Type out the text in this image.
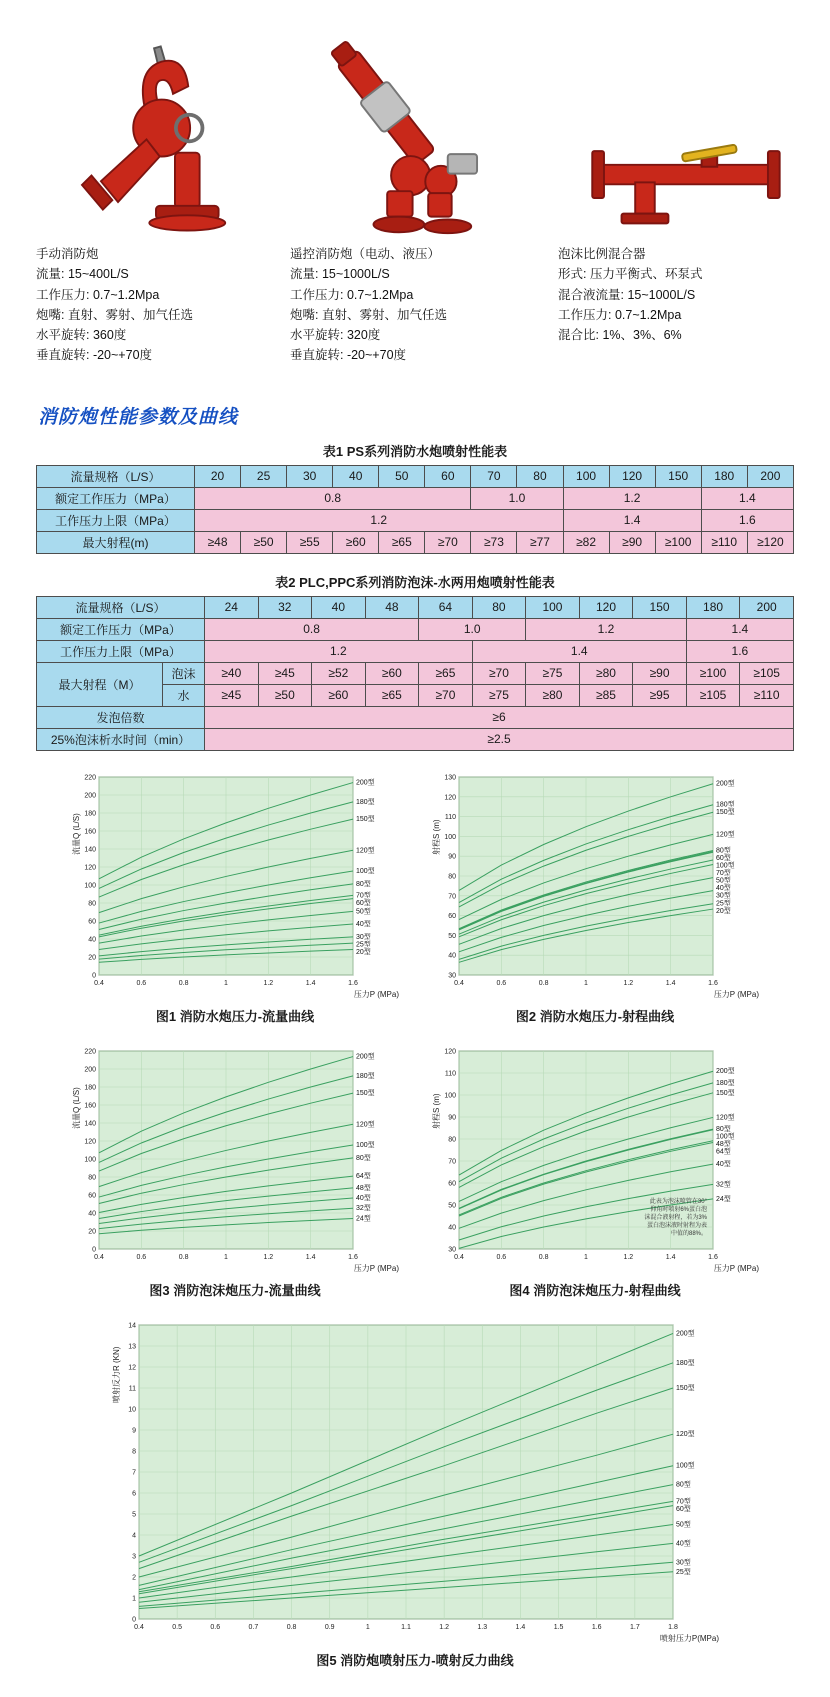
手动消防炮
流量: 15~400L/S
工作压力: 0.7~1.2Mpa
炮嘴: 直射、雾射、加气任选
水平旋转: 360度
垂直旋转: -20~+70度
遥控消防炮（电动、液压）
流量: 15~1000L/S
工作压力: 0.7~1.2Mpa
炮嘴: 直射、雾射、加气任选
水平旋转: 320度
垂直旋转: -20~+70度
泡沫比例混合器
形式: 压力平衡式、环泵式
混合液流量: 15~1000L/S
工作压力: 0.7~1.2Mpa
混合比: 1%、3%、6%
消防炮性能参数及曲线
表1 PS系列消防水炮喷射性能表
流量规格（L/S）	20	25	30	40	50	60	70	80	100	120	150	180	200
额定工作压力（MPa）	0.8						1.0		1.2			1.4	
工作压力上限（MPa）	1.2								1.4			1.6	
最大射程(m)	≥48	≥50	≥55	≥60	≥65	≥70	≥73	≥77	≥82	≥90	≥100	≥110	≥120
表2 PLC,PPC系列消防泡沫-水两用炮喷射性能表
流量规格（L/S）		24	32	40	48	64	80	100	120	150	180	200
额定工作压力（MPa）		0.8				1.0		1.2			1.4	
工作压力上限（MPa）		1.2					1.4				1.6	
最大射程（M）	泡沫	≥40	≥45	≥52	≥60	≥65	≥70	≥75	≥80	≥90	≥100	≥105
	水	≥45	≥50	≥60	≥65	≥70	≥75	≥80	≥85	≥95	≥105	≥110
发泡倍数		≥6										
25%泡沫析水时间（min）		≥2.5										
0.4	0.6	0.8	1	1.2	1.4	1.6
0
20
40
60
80
100
120
140
160
180
200
220
200型
180型
150型
120型
100型
80型
70型
60型
50型
40型
30型
25型
20型
压力P (MPa)
流量Q (L/S)
图1 消防水炮压力-流量曲线
0.4	0.6	0.8	1	1.2	1.4	1.6
30
40
50
60
70
80
90
100
110
120
130
200型
180型
150型
120型
80型
60型
100型
70型
50型
40型
30型
25型
20型
压力P (MPa)
射程S (m)
图2 消防水炮压力-射程曲线
0.4	0.6	0.8	1	1.2	1.4	1.6
0
20
40
60
80
100
120
140
160
180
200
220
200型
180型
150型
120型
100型
80型
64型
48型
40型
32型
24型
压力P (MPa)
流量Q (L/S)
图3 消防泡沫炮压力-流量曲线
0.4	0.6	0.8	1	1.2	1.4	1.6
30
40
50
60
70
80
90
100
110
120
200型
180型
150型
120型
80型
100型
48型
64型
40型
32型
24型
压力P (MPa)
射程S (m)
此表为泡沫喷管在30°
仰角时喷射6%蛋白泡
沫混合液射程，若为3%
蛋白泡沫液时射程为表
中值的88%。
图4 消防泡沫炮压力-射程曲线
0.4	0.5	0.6	0.7	0.8	0.9	1	1.1	1.2	1.3	1.4	1.5	1.6	1.7	1.8
0
1
2
3
4
5
6
7
8
9
10
11
12
13
14
200型
180型
150型
120型
100型
80型
70型
60型
50型
40型
30型
25型
喷射压力P(MPa)
喷射反力R (KN)
图5 消防炮喷射压力-喷射反力曲线
